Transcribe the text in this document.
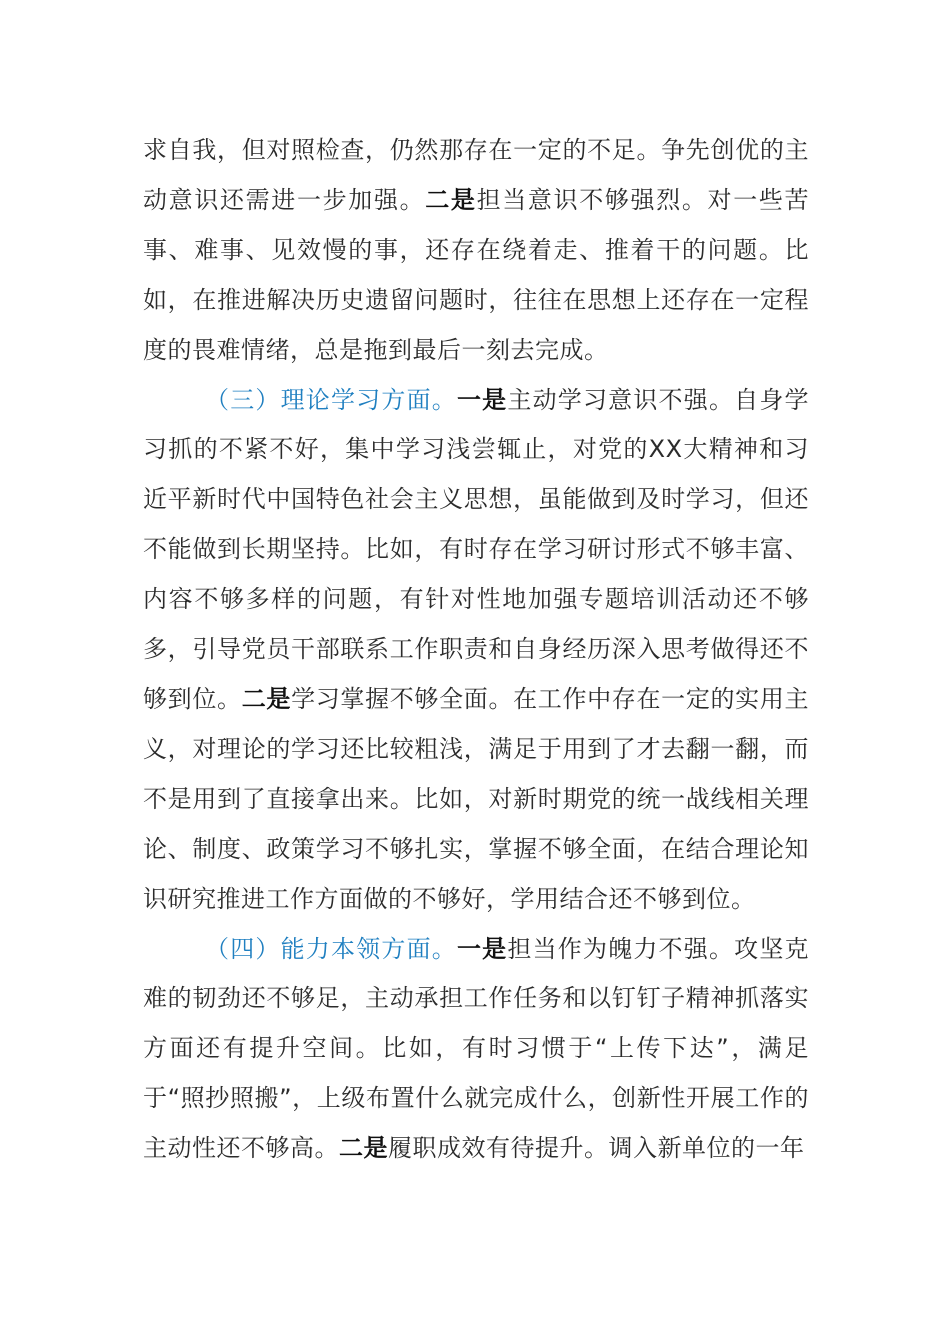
求自我，但对照检查，仍然那存在一定的不足。争先创优的主动意识还需进一步加强。二是担当意识不够强烈。对一些苦事、难事、见效慢的事，还存在绕着走、推着干的问题。比如，在推进解决历史遗留问题时，往往在思想上还存在一定程度的畏难情绪，总是拖到最后一刻去完成。

（三）理论学习方面。一是主动学习意识不强。自身学习抓的不紧不好，集中学习浅尝辄止，对党的XX大精神和习近平新时代中国特色社会主义思想，虽能做到及时学习，但还不能做到长期坚持。比如，有时存在学习研讨形式不够丰富、内容不够多样的问题，有针对性地加强专题培训活动还不够多，引导党员干部联系工作职责和自身经历深入思考做得还不够到位。二是学习掌握不够全面。在工作中存在一定的实用主义，对理论的学习还比较粗浅，满足于用到了才去翻一翻，而不是用到了直接拿出来。比如，对新时期党的统一战线相关理论、制度、政策学习不够扎实，掌握不够全面，在结合理论知识研究推进工作方面做的不够好，学用结合还不够到位。

（四）能力本领方面。一是担当作为魄力不强。攻坚克难的韧劲还不够足，主动承担工作任务和以钉钉子精神抓落实方面还有提升空间。比如，有时习惯于“上传下达”，满足于“照抄照搬”，上级布置什么就完成什么，创新性开展工作的主动性还不够高。二是履职成效有待提升。调入新单位的一年
